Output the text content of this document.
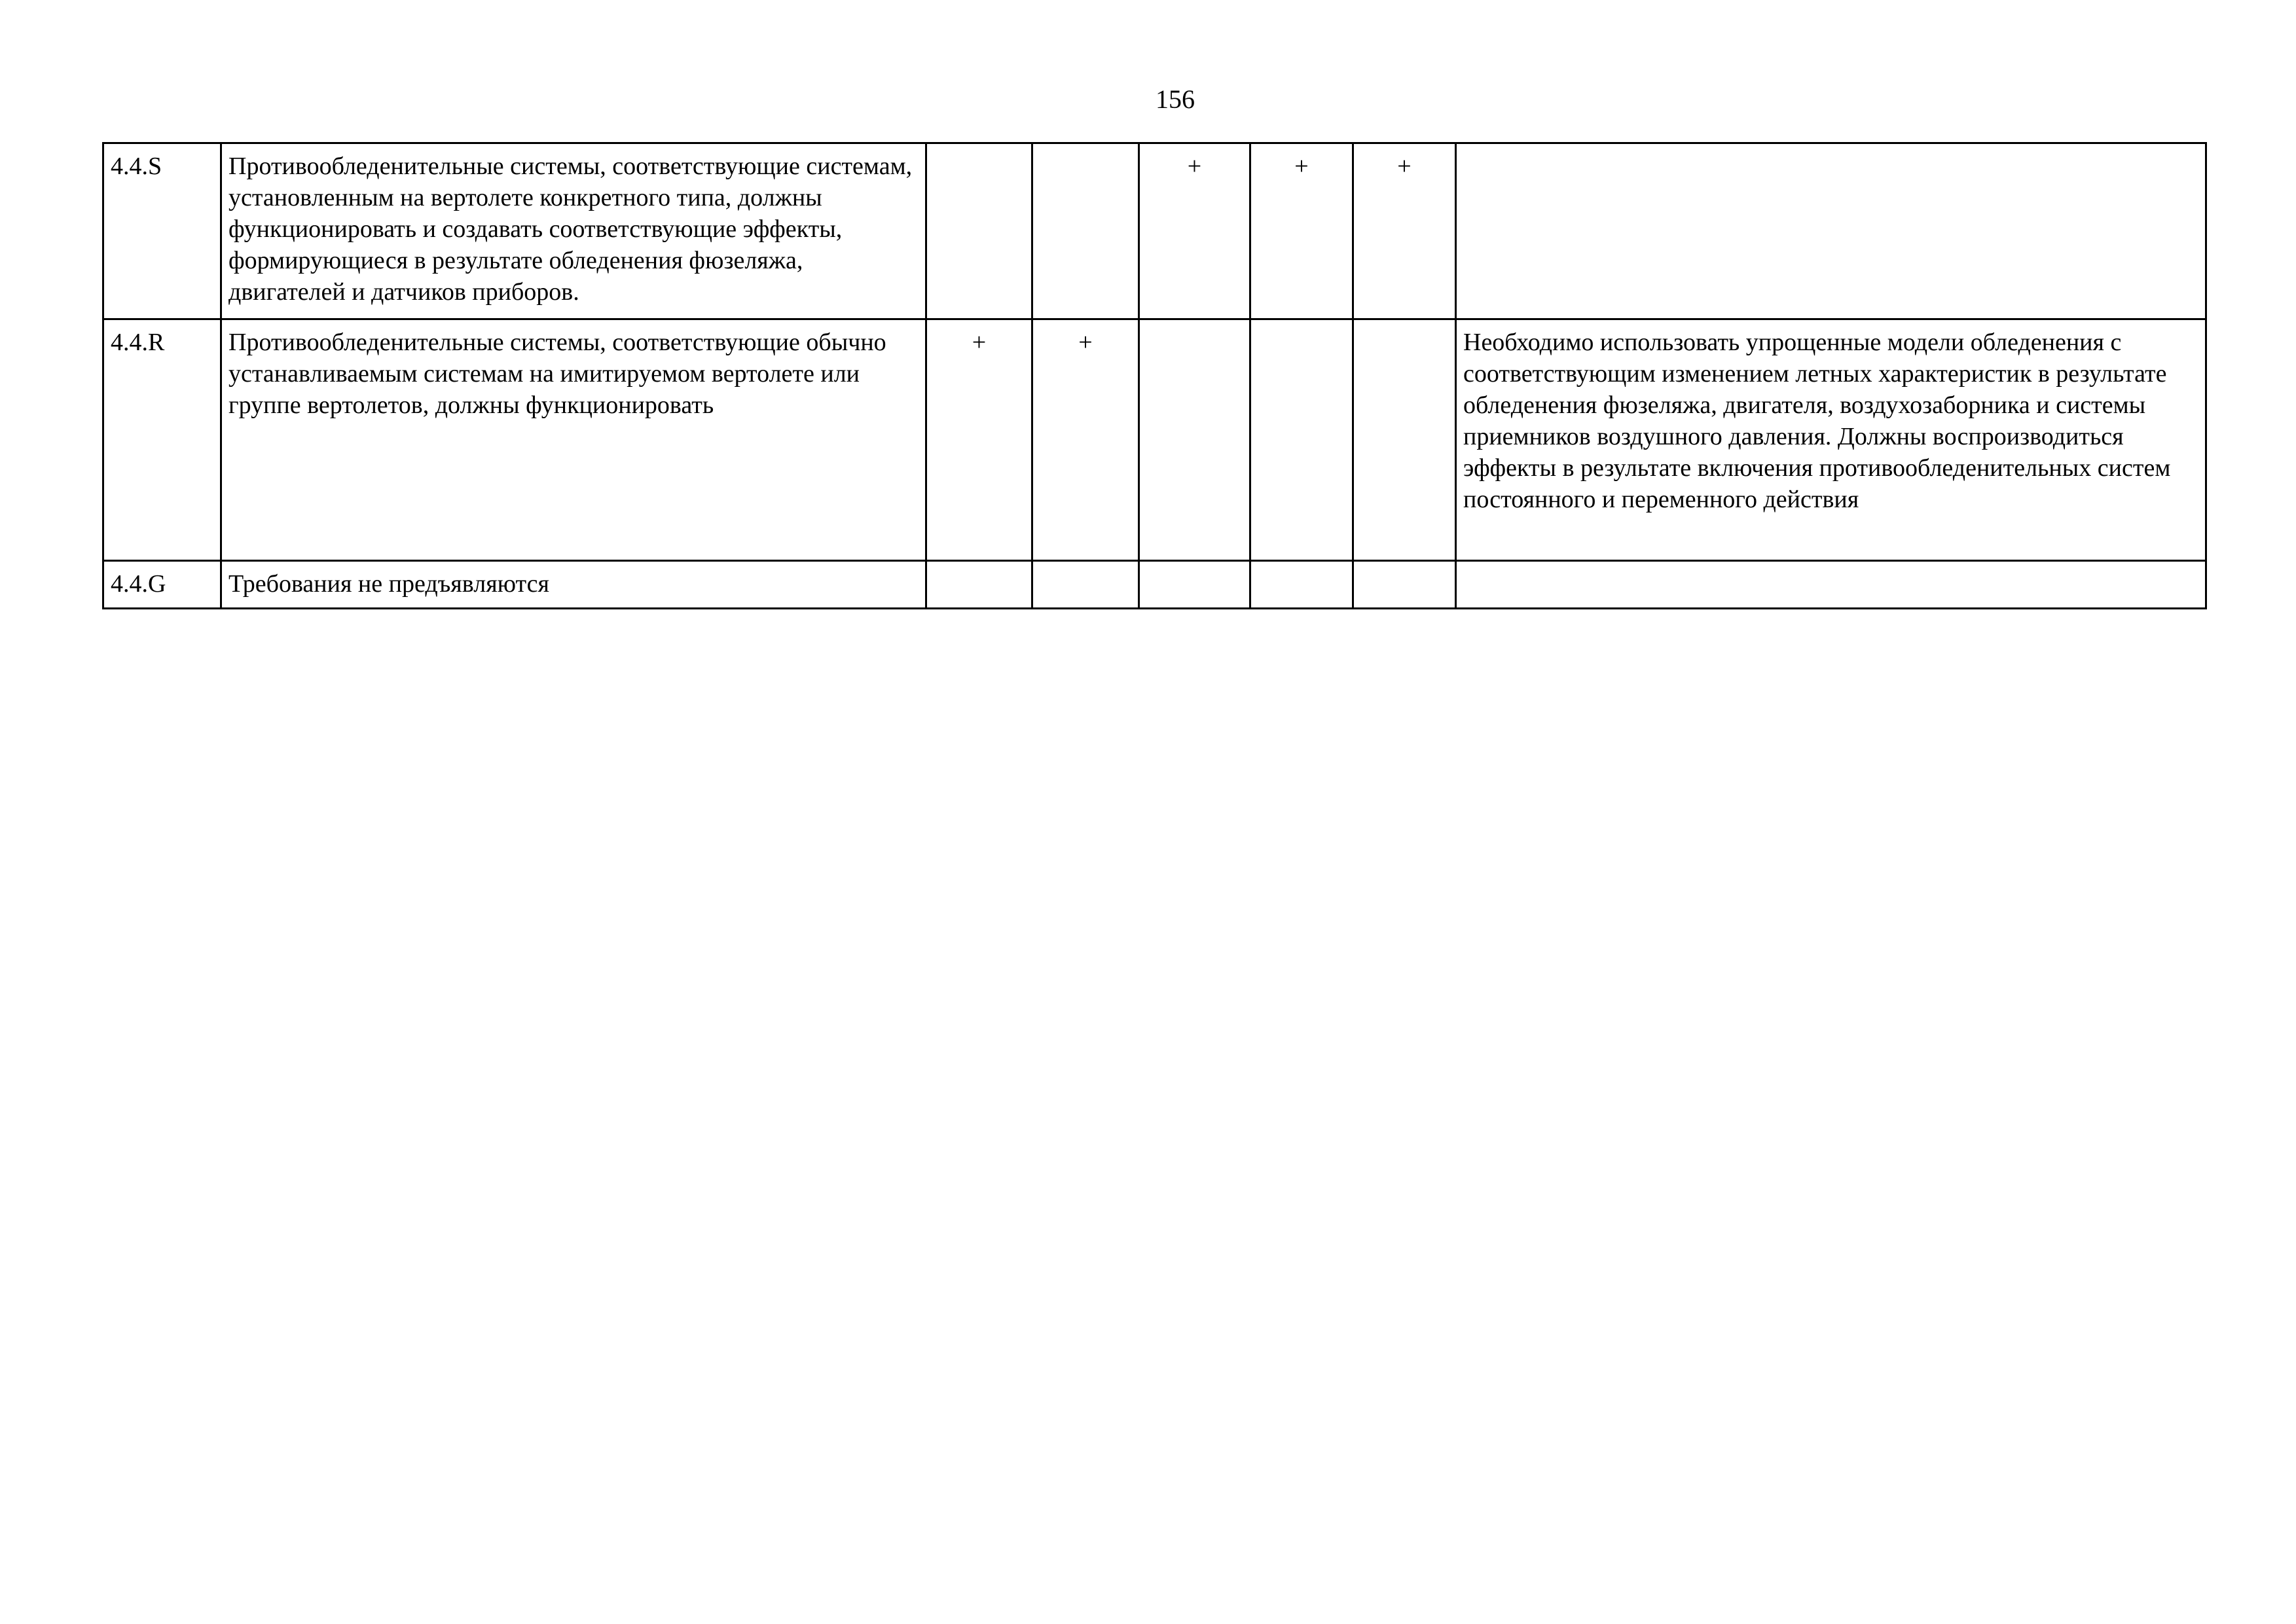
156
4.4.S	Противообледенительные системы, соответствующие системам, установленным на вертолете конкретного типа, должны функционировать и создавать соответствующие эффекты, формирующиеся в результате обледенения фюзеляжа, двигателей и датчиков приборов.			+	+	+	
4.4.R	Противообледенительные системы, соответствующие обычно устанавливаемым системам на имитируемом вертолете или группе вертолетов, должны функционировать	+	+				Необходимо использовать упрощенные модели обледенения с соответствующим изменением летных характеристик в результате обледенения фюзеляжа, двигателя, воздухозаборника и системы приемников воздушного давления. Должны воспроизводиться эффекты в результате включения противообледенительных систем постоянного и переменного действия
4.4.G	Требования не предъявляются						
